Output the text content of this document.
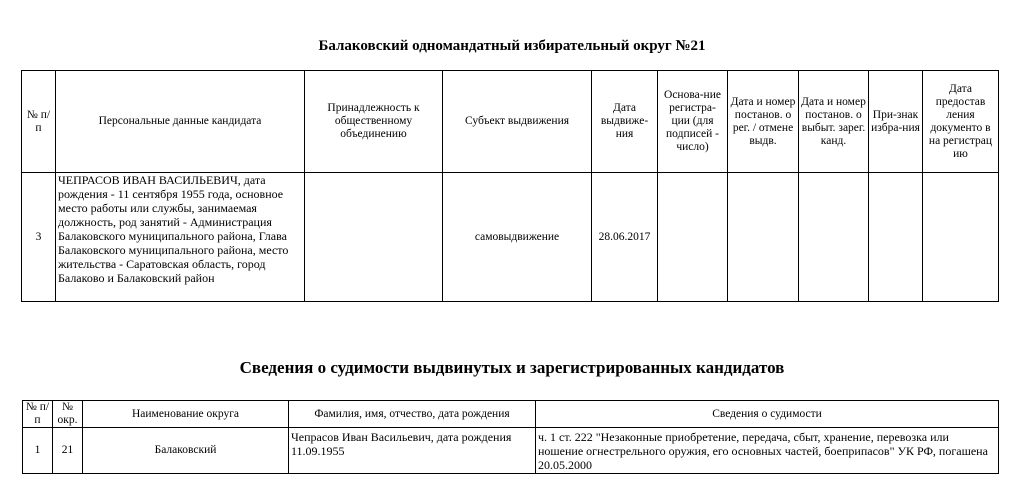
Балаковский одномандатный избирательный округ №21
№ п/п	Персональные данные кандидата	Принадлежность к общественному объединению	Субъект выдвижения	Дата выдвиже-ния	Основа-ние регистра-ции (для подписей - число)	Дата и номер постанов. о рег. / отмене выдв.	Дата и номер постанов. о выбыт. зарег. канд.	При-знак избра-ния	Дата предостав ления документо в на регистрац ию
3	ЧЕПРАСОВ ИВАН ВАСИЛЬЕВИЧ, дата рождения - 11 сентября 1955 года, основное место работы или службы, занимаемая должность, род занятий - Администрация Балаковского муниципального района, Глава Балаковского муниципального района, место жительства - Саратовская область, город Балаково и Балаковский район		самовыдвижение	28.06.2017					
Сведения о судимости выдвинутых и зарегистрированных кандидатов
№ п/п	№ окр.	Наименование округа	Фамилия, имя, отчество, дата рождения	Сведения о судимости
1	21	Балаковский	Чепрасов Иван Васильевич, дата рождения 11.09.1955	ч. 1 ст. 222 "Незаконные приобретение, передача, сбыт, хранение, перевозка или ношение огнестрельного оружия, его основных частей, боеприпасов" УК РФ, погашена 20.05.2000
